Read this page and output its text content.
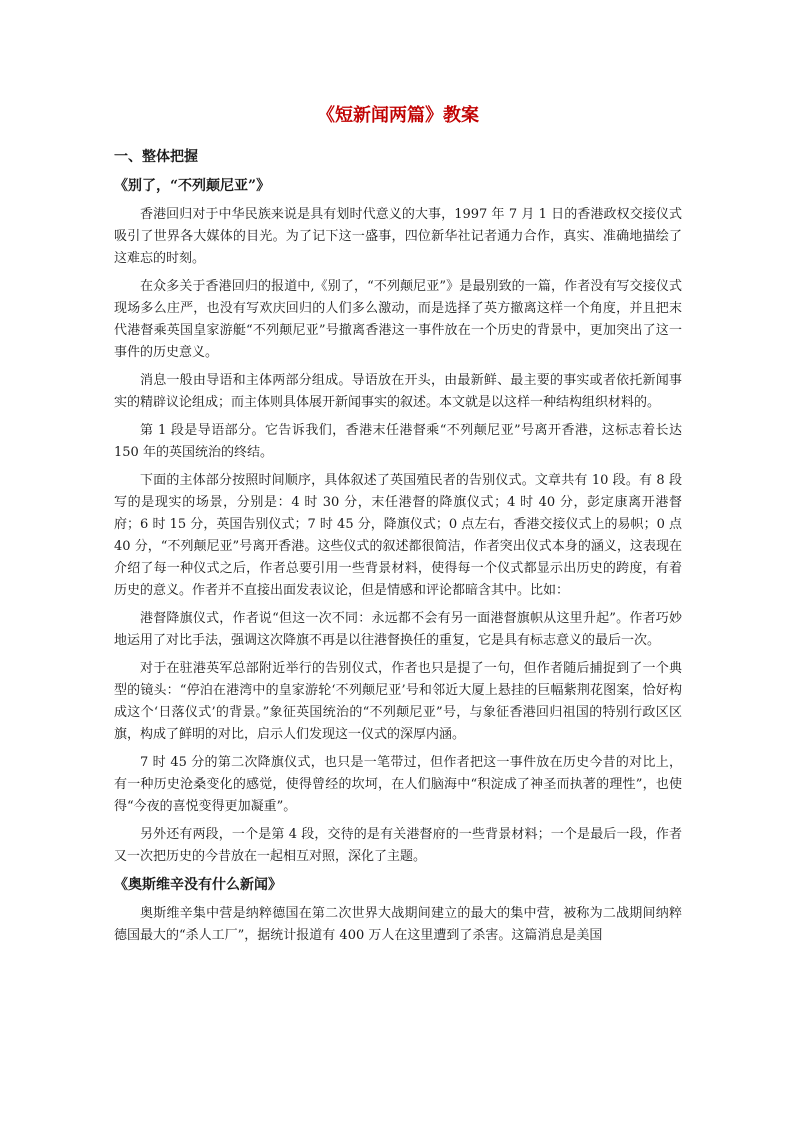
《短新闻两篇》教案
一、整体把握
《别了，“不列颠尼亚”》

香港回归对于中华民族来说是具有划时代意义的大事，1997 年 7 月 1 日的香港政权交接仪式吸引了世界各大媒体的目光。为了记下这一盛事，四位新华社记者通力合作，真实、准确地描绘了这难忘的时刻。

在众多关于香港回归的报道中,《别了，“不列颠尼亚”》是最别致的一篇，作者没有写交接仪式现场多么庄严，也没有写欢庆回归的人们多么激动，而是选择了英方撤离这样一个角度，并且把末代港督乘英国皇家游艇“不列颠尼亚”号撤离香港这一事件放在一个历史的背景中，更加突出了这一事件的历史意义。

消息一般由导语和主体两部分组成。导语放在开头，由最新鲜、最主要的事实或者依托新闻事实的精辟议论组成；而主体则具体展开新闻事实的叙述。本文就是以这样一种结构组织材料的。

第 1 段是导语部分。它告诉我们，香港末任港督乘“不列颠尼亚”号离开香港，这标志着长达 150 年的英国统治的终结。

下面的主体部分按照时间顺序，具体叙述了英国殖民者的告别仪式。文章共有 10 段。有 8 段写的是现实的场景，分别是：4 时 30 分，末任港督的降旗仪式；4 时 40 分，彭定康离开港督府；6 时 15 分，英国告别仪式；7 时 45 分，降旗仪式；0 点左右，香港交接仪式上的易帜；0 点 40 分，“不列颠尼亚”号离开香港。这些仪式的叙述都很简洁，作者突出仪式本身的涵义，这表现在介绍了每一种仪式之后，作者总要引用一些背景材料，使得每一个仪式都显示出历史的跨度，有着历史的意义。作者并不直接出面发表议论，但是情感和评论都暗含其中。比如：

港督降旗仪式，作者说“但这一次不同：永远都不会有另一面港督旗帜从这里升起”。作者巧妙地运用了对比手法，强调这次降旗不再是以往港督换任的重复，它是具有标志意义的最后一次。

对于在驻港英军总部附近举行的告别仪式，作者也只是提了一句，但作者随后捕捉到了一个典型的镜头：“停泊在港湾中的皇家游轮‘不列颠尼亚’号和邻近大厦上悬挂的巨幅紫荆花图案，恰好构成这个‘日落仪式’的背景。”象征英国统治的“不列颠尼亚”号，与象征香港回归祖国的特别行政区区旗，构成了鲜明的对比，启示人们发现这一仪式的深厚内涵。

7 时 45 分的第二次降旗仪式，也只是一笔带过，但作者把这一事件放在历史今昔的对比上，有一种历史沧桑变化的感觉，使得曾经的坎坷，在人们脑海中“积淀成了神圣而执著的理性”，也使得“今夜的喜悦变得更加凝重”。

另外还有两段，一个是第 4 段，交待的是有关港督府的一些背景材料；一个是最后一段，作者又一次把历史的今昔放在一起相互对照，深化了主题。

《奥斯维辛没有什么新闻》

奥斯维辛集中营是纳粹德国在第二次世界大战期间建立的最大的集中营，被称为二战期间纳粹德国最大的“杀人工厂”，据统计报道有 400 万人在这里遭到了杀害。这篇消息是美国
